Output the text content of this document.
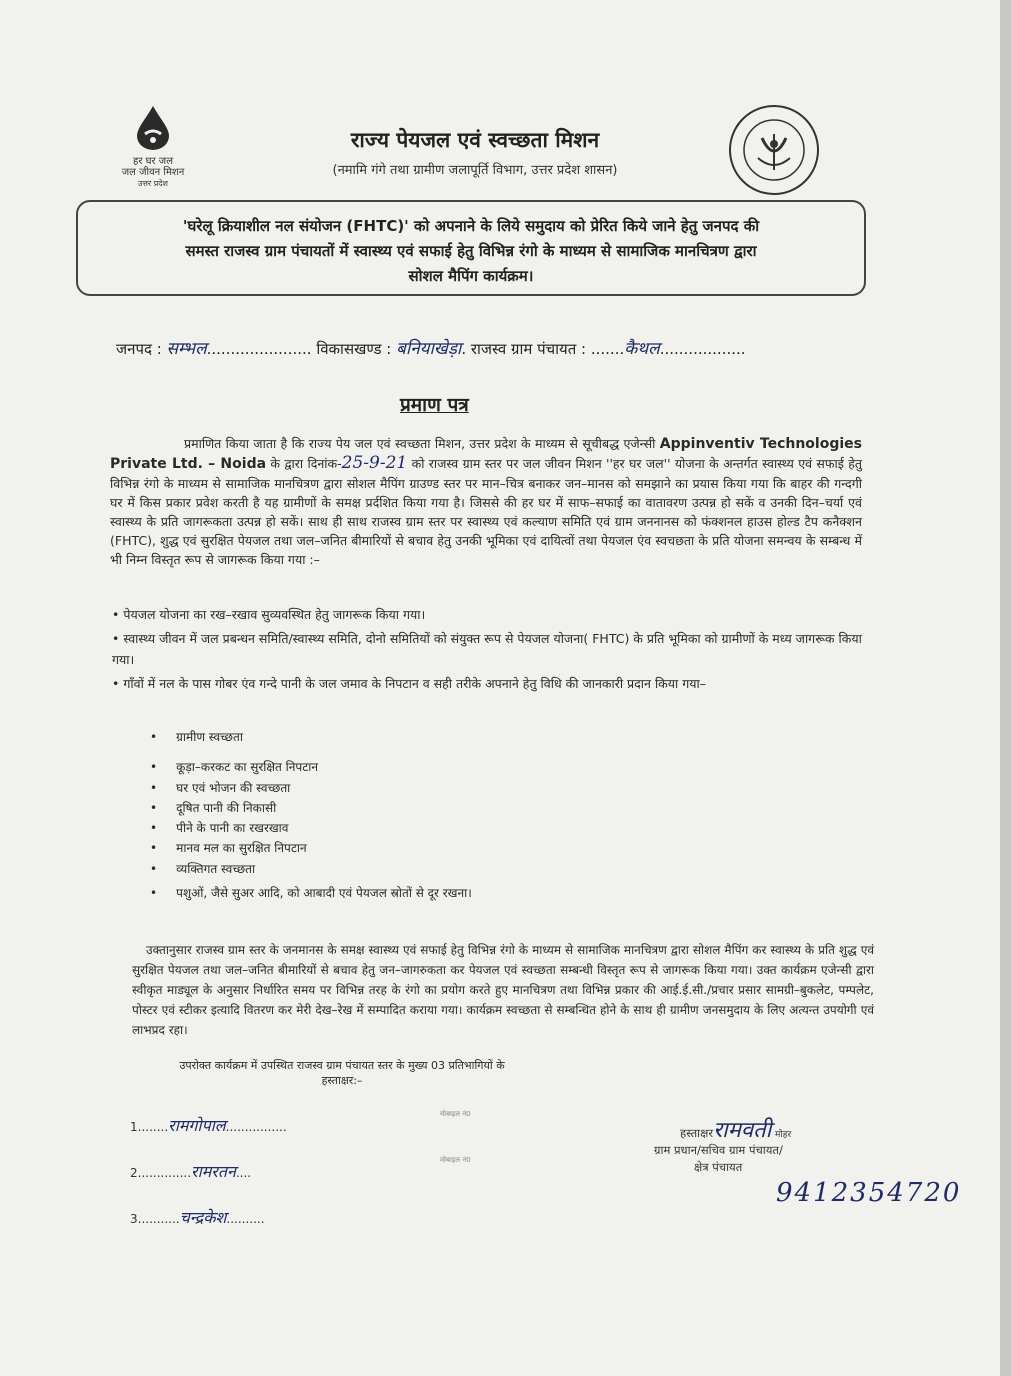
हर घर जल
जल जीवन मिशन
उत्तर प्रदेश
राज्य पेयजल एवं स्वच्छता मिशन
(नमामि गंगे तथा ग्रामीण जलापूर्ति विभाग, उत्तर प्रदेश शासन)
'घरेलू क्रियाशील नल संयोजन (FHTC)' को अपनाने के लिये समुदाय को प्रेरित किये जाने हेतु जनपद की
समस्त राजस्व ग्राम पंचायतों में स्वास्थ्य एवं सफाई हेतु विभिन्न रंगो के माध्यम से सामाजिक मानचित्रण द्वारा
सोशल मैपिंग कार्यक्रम।
जनपद : सम्भल...................... विकासखण्ड : बनियाखेड़ा. राजस्व ग्राम पंचायत : .......कैथल..................
प्रमाण पत्र
प्रमाणित किया जाता है कि राज्य पेय जल एवं स्वच्छता मिशन, उत्तर प्रदेश के माध्यम से सूचीबद्ध एजेन्सी Appinventiv Technologies Private Ltd. – Noida के द्वारा दिनांक-25-9-21 को राजस्व ग्राम स्तर पर जल जीवन मिशन ''हर घर जल'' योजना के अन्तर्गत स्वास्थ्य एवं सफाई हेतु विभिन्न रंगो के माध्यम से सामाजिक मानचित्रण द्वारा सोशल मैपिंग ग्राउण्ड स्तर पर मान–चित्र बनाकर जन–मानस को समझाने का प्रयास किया गया कि बाहर की गन्दगी घर में किस प्रकार प्रवेश करती है यह ग्रामीणों के समक्ष प्रर्दशित किया गया है। जिससे की हर घर में साफ–सफाई का वातावरण उत्पन्न हो सकें व उनकी दिन–चर्या एवं स्वास्थ्य के प्रति जागरूकता उत्पन्न हो सकें। साथ ही साथ राजस्व ग्राम स्तर पर स्वास्थ्य एवं कल्याण समिति एवं ग्राम जननानस को फंक्शनल हाउस होल्ड टैप कनैक्शन (FHTC), शुद्ध एवं सुरक्षित पेयजल तथा जल–जनित बीमारियों से बचाव हेतु उनकी भूमिका एवं दायित्वों तथा पेयजल एंव स्वचछता के प्रति योजना समन्वय के सम्बन्ध में भी निम्न विस्तृत रूप से जागरूक किया गया :–
• पेयजल योजना का रख–रखाव सुव्यवस्थित हेतु जागरूक किया गया।
• स्वास्थ्य जीवन में जल प्रबन्धन समिति/स्वास्थ्य समिति, दोनो समितियों को संयुक्त रूप से पेयजल योजना( FHTC) के प्रति भूमिका को ग्रामीणों के मध्य जागरूक किया गया।
• गाँवों में नल के पास गोबर एंव गन्दे पानी के जल जमाव के निपटान व सही तरीके अपनाने हेतु विधि की जानकारी प्रदान किया गया–
•     ग्रामीण स्वच्छता
•     कूड़ा–करकट का सुरक्षित निपटान
•     घर एवं भोजन की स्वच्छता
•     दूषित पानी की निकासी
•     पीने के पानी का रखरखाव
•     मानव मल का सुरक्षित निपटान
•     व्यक्तिगत स्वच्छता
•     पशुओं, जैसे सुअर आदि, को आबादी एवं पेयजल स्रोतों से दूर रखना।
उक्तानुसार राजस्व ग्राम स्तर के जनमानस के समक्ष स्वास्थ्य एवं सफाई हेतु विभिन्न रंगो के माध्यम से सामाजिक मानचित्रण द्वारा सोशल मैपिंग कर स्वास्थ्य के प्रति शुद्ध एवं सुरक्षित पेयजल तथा जल–जनित बीमारियों से बचाव हेतु जन–जागरुकता कर पेयजल एवं स्वच्छता सम्बन्धी विस्तृत रूप से जागरूक किया गया। उक्त कार्यक्रम एजेन्सी द्वारा स्वीकृत माड्यूल के अनुसार निर्धारित समय पर विभिन्न तरह के रंगो का प्रयोग करते हुए मानचित्रण तथा विभिन्न प्रकार की आई.ई.सी./प्रचार प्रसार सामग्री–बुकलेट, पम्पलेट, पोस्टर एवं स्टीकर इत्यादि वितरण कर मेरी देख–रेख में सम्पादित कराया गया। कार्यक्रम स्वच्छता से सम्बन्धित होने के साथ ही ग्रामीण जनसमुदाय के लिए अत्यन्त उपयोगी एवं लाभप्रद रहा।
उपरोक्त कार्यक्रम में उपस्थित राजस्व ग्राम पंचायत स्तर के मुख्य 03 प्रतिभागियों के
हस्ताक्षर:–
1........रामगोपाल................
मोबाइल नं0
2..............रामरतन....
मोबाइल नं0
3...........चन्द्रकेश..........
हस्ताक्षररामवती मोहर
ग्राम प्रधान/सचिव ग्राम पंचायत/
क्षेत्र पंचायत
9412354720
